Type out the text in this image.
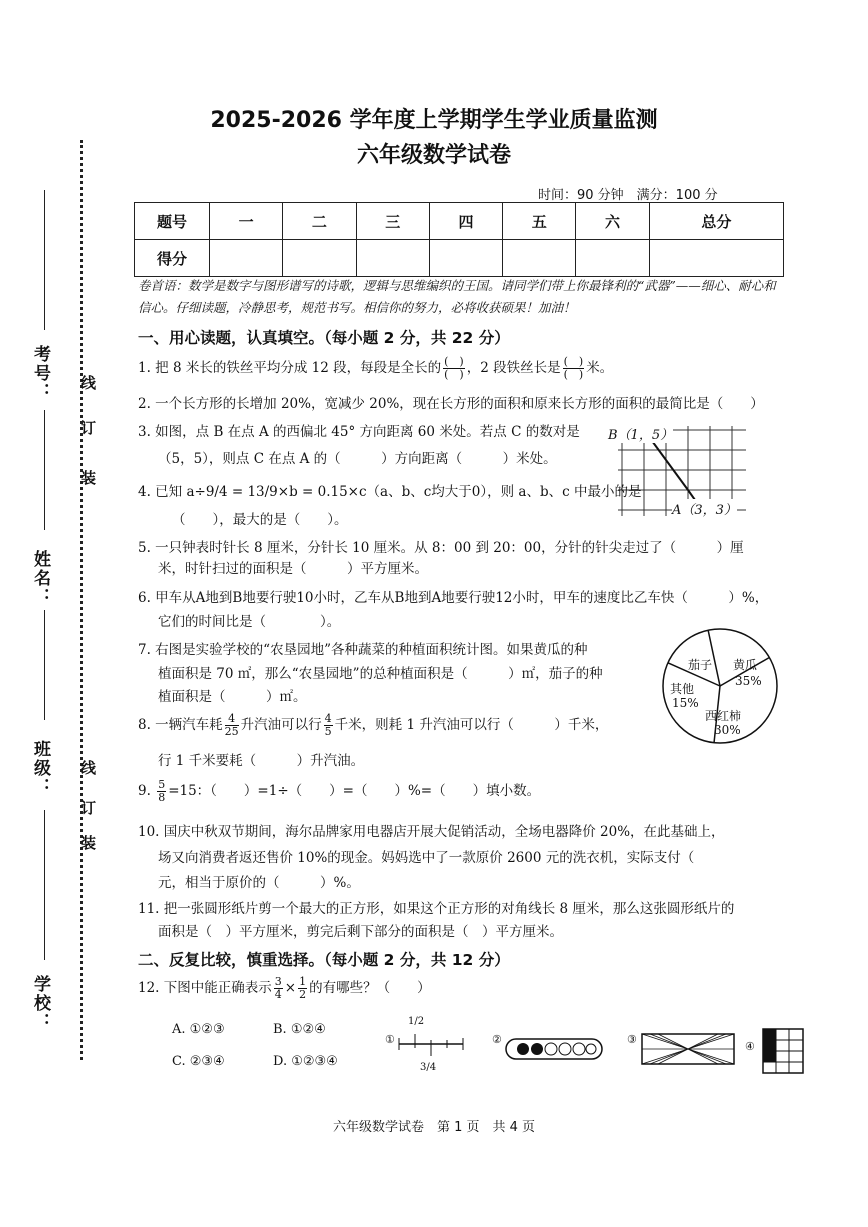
考号：
姓名：
班级：
学校：
线
订
装
线
订
装
2025-2026 学年度上学期学生学业质量监测
六年级数学试卷
时间：90 分钟　满分：100 分
题号	一	二	三	四	五	六	总分
得分							
卷首语：数学是数字与图形谱写的诗歌，逻辑与思维编织的王国。请同学们带上你最锋利的“武器”——细心、耐心和信心。仔细读题，冷静思考，规范书写。相信你的努力，必将收获硕果！加油！
一、用心读题，认真填空。（每小题 2 分，共 22 分）
1. 把 8 米长的铁丝平均分成 12 段，每段是全长的 $\frac{( )}{( )}$ ，2 段铁丝长是 $\frac{( )}{( )}$ 米。
2. 一个长方形的长增加 20%，宽减少 20%，现在长方形的面积和原来长方形的面积的最简比是（　　）
3. 如图，点 B 在点 A 的西偏北 45° 方向距离 60 米处。若点 C 的数对是
（5，5），则点 C 在点 A 的（　　　）方向距离（　　　）米处。
B（1，5）
A（3，3）
4. 已知 a÷9/4 = 13/9×b = 0.15×c（a、b、c均大于0），则 a、b、c 中最小的是
（　　），最大的是（　　）。
5. 一只钟表时针长 8 厘米，分针长 10 厘米。从 8：00 到 20：00，分针的针尖走过了（　　　）厘
米，时针扫过的面积是（　　　）平方厘米。
6. 甲车从A地到B地要行驶10小时，乙车从B地到A地要行驶12小时，甲车的速度比乙车快（　　　）%，
它们的时间比是（　　　　）。
7. 右图是实验学校的“农垦园地”各种蔬菜的种植面积统计图。如果黄瓜的种
植面积是 70 ㎡，那么“农垦园地”的总种植面积是（　　　）㎡，茄子的种
植面积是（　　　）㎡。
茄子 黄瓜
35%
其他
15%
西红柿
30%
8. 一辆汽车耗 $\frac{4}{25}$ 升汽油可以行 $\frac{4}{5}$ 千米，则耗 1 升汽油可以行（　　　）千米，
行 1 千米要耗（　　　）升汽油。
9. $\frac{5}{8} =15$：（　　）=1÷（　　）=（　　）%=（　　）填小数。
10. 国庆中秋双节期间，海尔品牌家用电器店开展大促销活动，全场电器降价 20%，在此基础上，
场又向消费者返还售价 10%的现金。妈妈选中了一款原价 2600 元的洗衣机，实际支付（
元，相当于原价的（　　　）%。
11. 把一张圆形纸片剪一个最大的正方形，如果这个正方形的对角线长 8 厘米，那么这张圆形纸片的
面积是（　）平方厘米，剪完后剩下部分的面积是（　）平方厘米。
二、反复比较，慎重选择。（每小题 2 分，共 12 分）
12. 下图中能正确表示 $\frac{3}{4} \times \frac{1}{2}$ 的有哪些？（　　）
A. ①②③	B. ①②④
C. ②③④	D. ①②③④
①
1/2
3/4
②	③
④
六年级数学试卷　第 1 页　共 4 页
